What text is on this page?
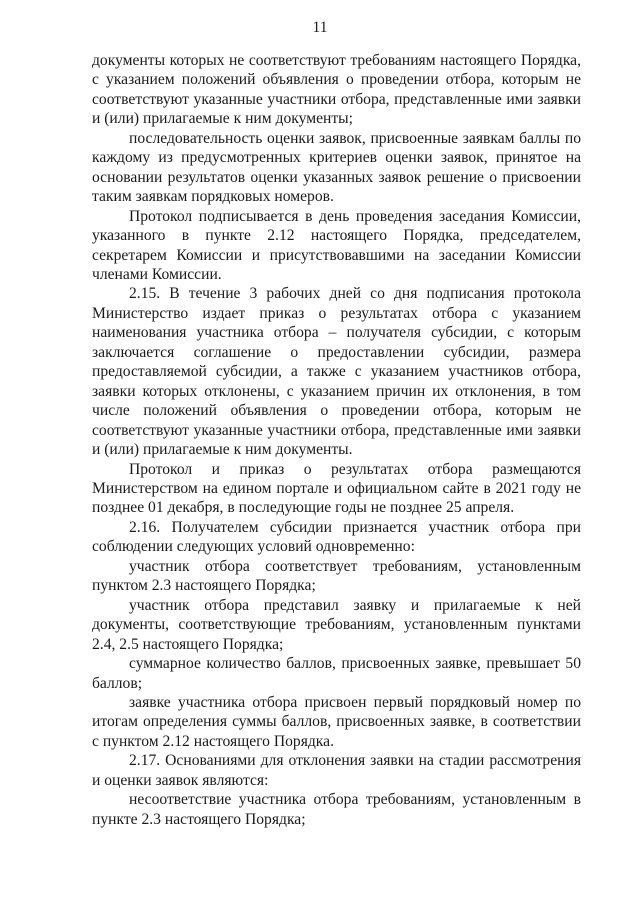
11

документы которых не соответствуют требованиям настоящего Порядка, с указанием положений объявления о проведении отбора, которым не соответствуют указанные участники отбора, представленные ими заявки и (или) прилагаемые к ним документы;

последовательность оценки заявок, присвоенные заявкам баллы по каждому из предусмотренных критериев оценки заявок, принятое на основании результатов оценки указанных заявок решение о присвоении таким заявкам порядковых номеров.

Протокол подписывается в день проведения заседания Комиссии, указанного в пункте 2.12 настоящего Порядка, председателем, секретарем Комиссии и присутствовавшими на заседании Комиссии членами Комиссии.

2.15. В течение 3 рабочих дней со дня подписания протокола Министерство издает приказ о результатах отбора с указанием наименования участника отбора – получателя субсидии, с которым заключается соглашение о предоставлении субсидии, размера предоставляемой субсидии, а также с указанием участников отбора, заявки которых отклонены, с указанием причин их отклонения, в том числе положений объявления о проведении отбора, которым не соответствуют указанные участники отбора, представленные ими заявки и (или) прилагаемые к ним документы.

Протокол и приказ о результатах отбора размещаются Министерством на едином портале и официальном сайте в 2021 году не позднее 01 декабря, в последующие годы не позднее 25 апреля.

2.16. Получателем субсидии признается участник отбора при соблюдении следующих условий одновременно:

участник отбора соответствует требованиям, установленным пунктом 2.3 настоящего Порядка;

участник отбора представил заявку и прилагаемые к ней документы, соответствующие требованиям, установленным пунктами 2.4, 2.5 настоящего Порядка;

суммарное количество баллов, присвоенных заявке, превышает 50 баллов;

заявке участника отбора присвоен первый порядковый номер по итогам определения суммы баллов, присвоенных заявке, в соответствии с пунктом 2.12 настоящего Порядка.

2.17. Основаниями для отклонения заявки на стадии рассмотрения и оценки заявок являются:

несоответствие участника отбора требованиям, установленным в пункте 2.3 настоящего Порядка;
